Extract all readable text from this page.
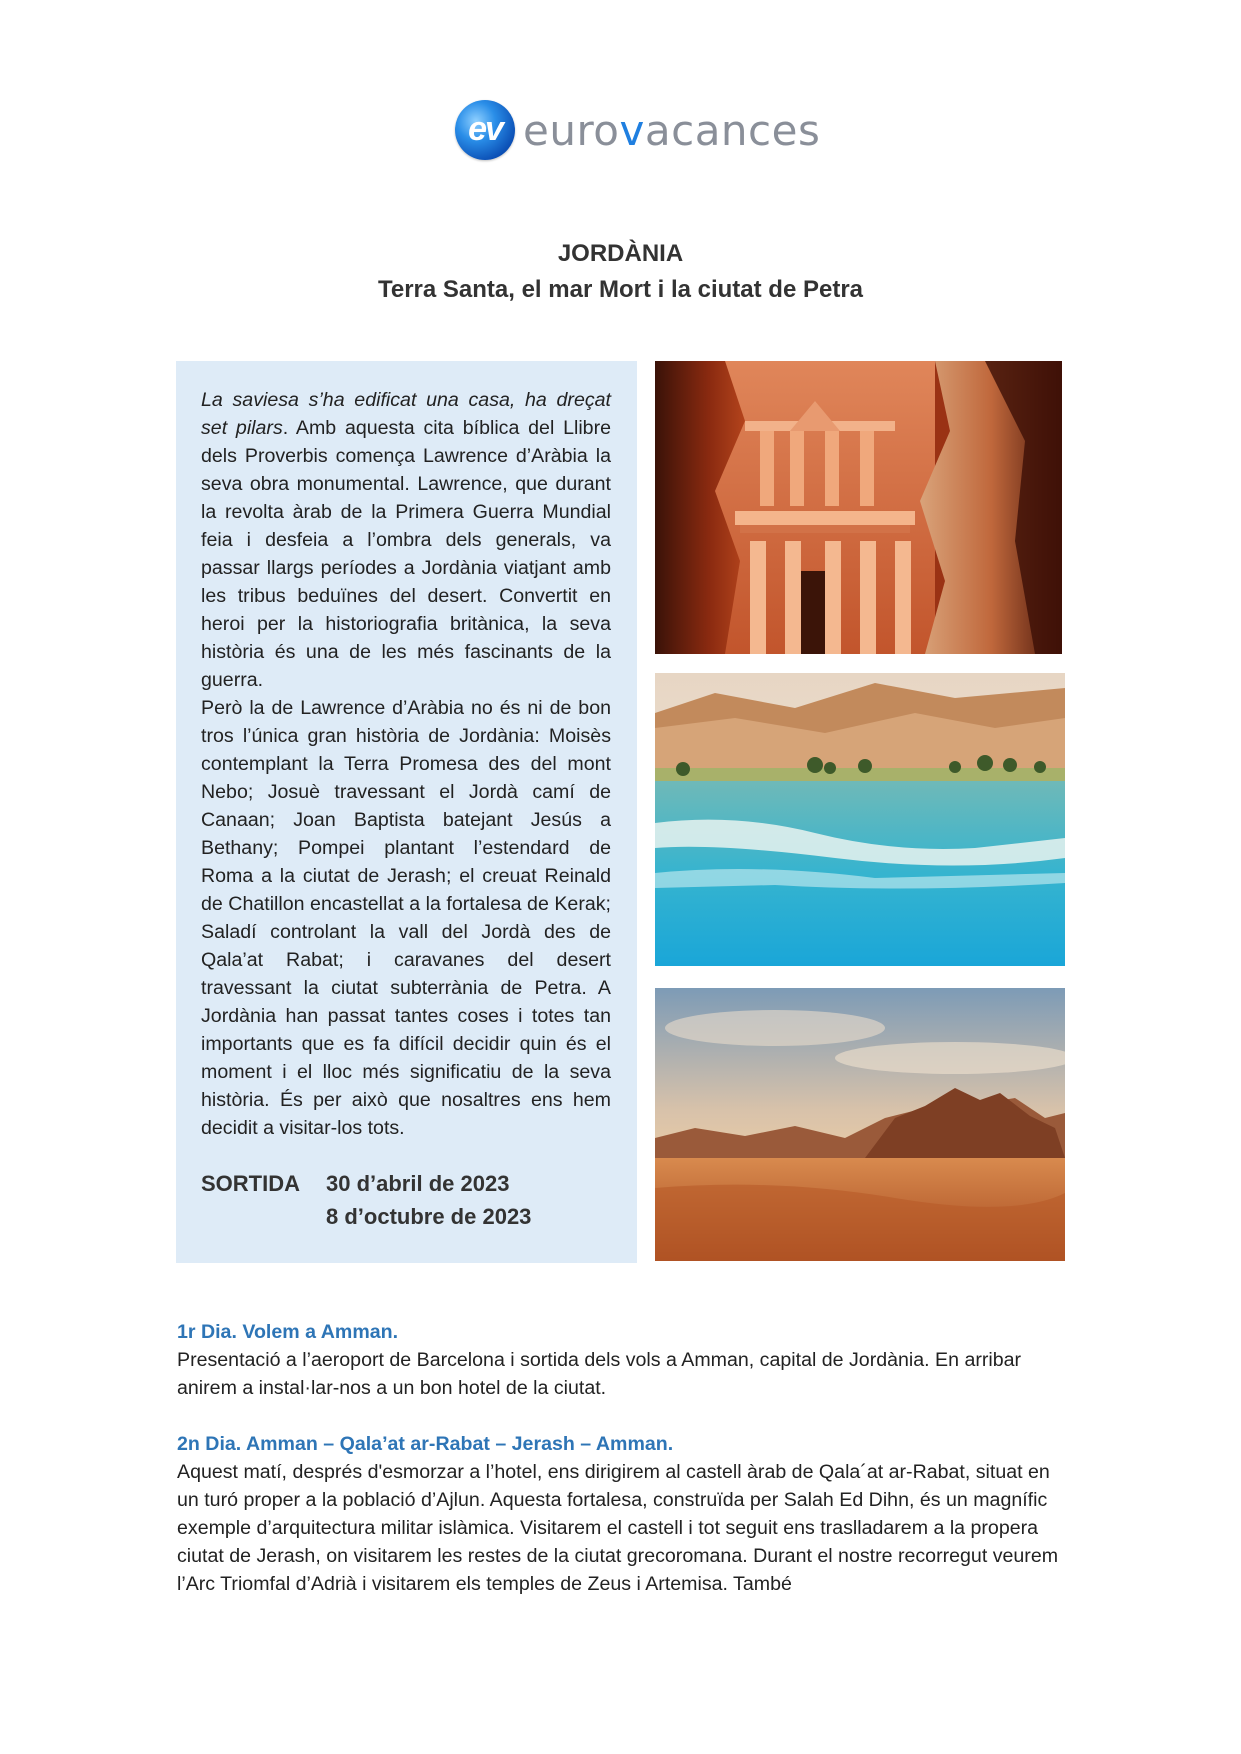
ev eurovacances
JORDÀNIA
Terra Santa, el mar Mort i la ciutat de Petra

La saviesa s’ha edificat una casa, ha dreçat set pilars. Amb aquesta cita bíblica del Llibre dels Proverbis comença Lawrence d’Aràbia la seva obra monumental. Lawrence, que durant la revolta àrab de la Primera Guerra Mundial feia i desfeia a l’ombra dels generals, va passar llargs períodes a Jordània viatjant amb les tribus beduïnes del desert. Convertit en heroi per la historiografia britànica, la seva història és una de les més fascinants de la guerra.

Però la de Lawrence d’Aràbia no és ni de bon tros l’única gran història de Jordània: Moisès contemplant la Terra Promesa des del mont Nebo; Josuè travessant el Jordà camí de Canaan; Joan Baptista batejant Jesús a Bethany; Pompei plantant l’estendard de Roma a la ciutat de Jerash; el creuat Reinald de Chatillon encastellat a la fortalesa de Kerak; Saladí controlant la vall del Jordà des de Qala’at Rabat; i caravanes del desert travessant la ciutat subterrània de Petra. A Jordània han passat tantes coses i totes tan importants que es fa difícil decidir quin és el moment i el lloc més significatiu de la seva història. És per això que nosaltres ens hem decidit a visitar-los tots.

SORTIDA 30 d’abril de 2023
8 d’octubre de 2023
1r Dia. Volem a Amman.

Presentació a l’aeroport de Barcelona i sortida dels vols a Amman, capital de Jordània. En arribar anirem a instal·lar-nos a un bon hotel de la ciutat.

2n Dia. Amman – Qala’at ar-Rabat – Jerash – Amman.

Aquest matí, després d'esmorzar a l’hotel, ens dirigirem al castell àrab de Qala´at ar-Rabat, situat en un turó proper a la població d’Ajlun. Aquesta fortalesa, construïda per Salah Ed Dihn, és un magnífic exemple d’arquitectura militar islàmica. Visitarem el castell i tot seguit ens traslladarem a la propera ciutat de Jerash, on visitarem les restes de la ciutat grecoromana. Durant el nostre recorregut veurem l’Arc Triomfal d’Adrià i visitarem els temples de Zeus i Artemisa. També
